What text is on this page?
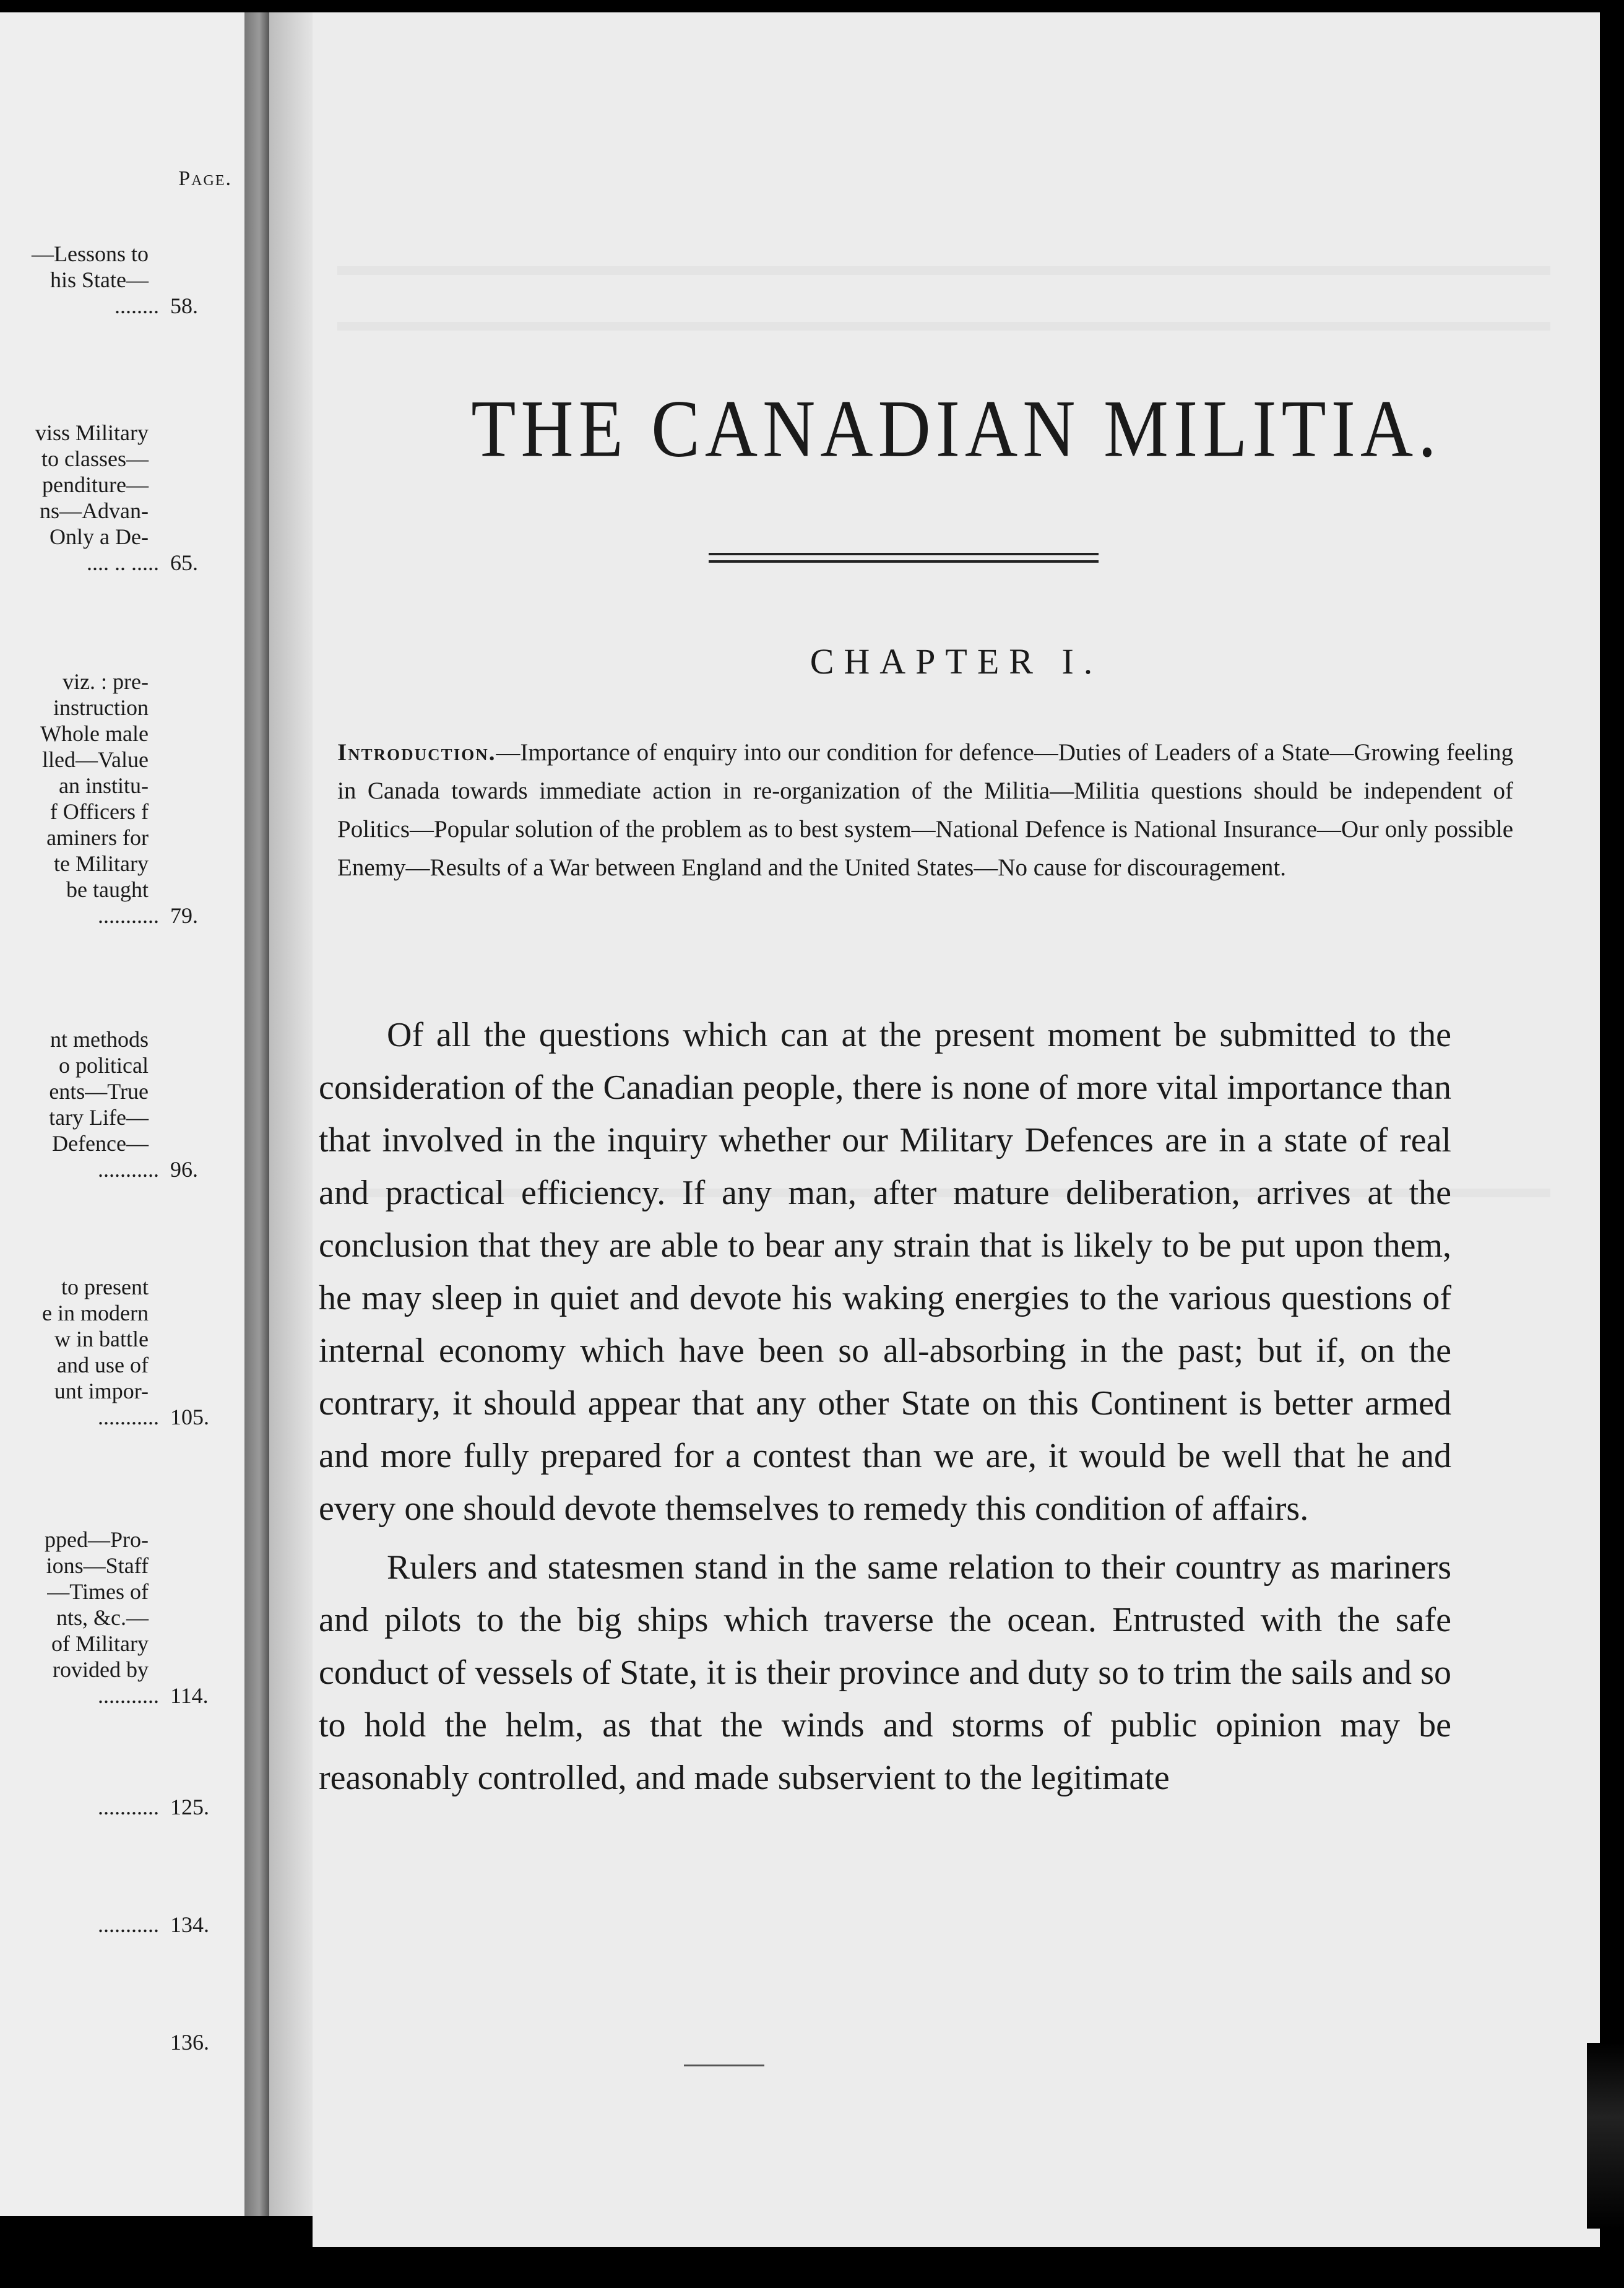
Page.
—Lessons to
his State—
........ 58.
viss Military
to classes—
penditure—
ns—Advan-
Only a De-
.... .. ..... 65.
viz. : pre-
instruction
Whole male
lled—Value
an institu-
f Officers f
aminers for
te Military
be taught
........... 79.
nt methods
o political
ents—True
tary Life—
Defence—
........... 96.
to present
e in modern
w in battle
and use of
unt impor-
........... 105.
pped—Pro-
ions—Staff
—Times of
nts, &c.—
of Military
rovided by
........... 114.
........... 125.
........... 134.
136.
THE CANADIAN MILITIA.
CHAPTER I.
Introduction.—Importance of enquiry into our condition for defence—Duties of Leaders of a State—Growing feeling in Canada towards immediate action in re-organization of the Militia—Militia questions should be independent of Politics—Popular solution of the problem as to best system—National Defence is National Insurance—Our only possible Enemy—Results of a War between England and the United States—No cause for discouragement.

Of all the questions which can at the present moment be submitted to the consideration of the Canadian people, there is none of more vital importance than that involved in the inquiry whether our Military Defences are in a state of real and practical efficiency. If any man, after mature deliberation, arrives at the conclusion that they are able to bear any strain that is likely to be put upon them, he may sleep in quiet and devote his waking energies to the various questions of internal economy which have been so all-absorbing in the past; but if, on the contrary, it should appear that any other State on this Continent is better armed and more fully prepared for a contest than we are, it would be well that he and every one should devote themselves to remedy this condition of affairs.

Rulers and statesmen stand in the same relation to their country as mariners and pilots to the big ships which traverse the ocean. Entrusted with the safe conduct of vessels of State, it is their province and duty so to trim the sails and so to hold the helm, as that the winds and storms of public opinion may be reasonably controlled, and made subservient to the legitimate
